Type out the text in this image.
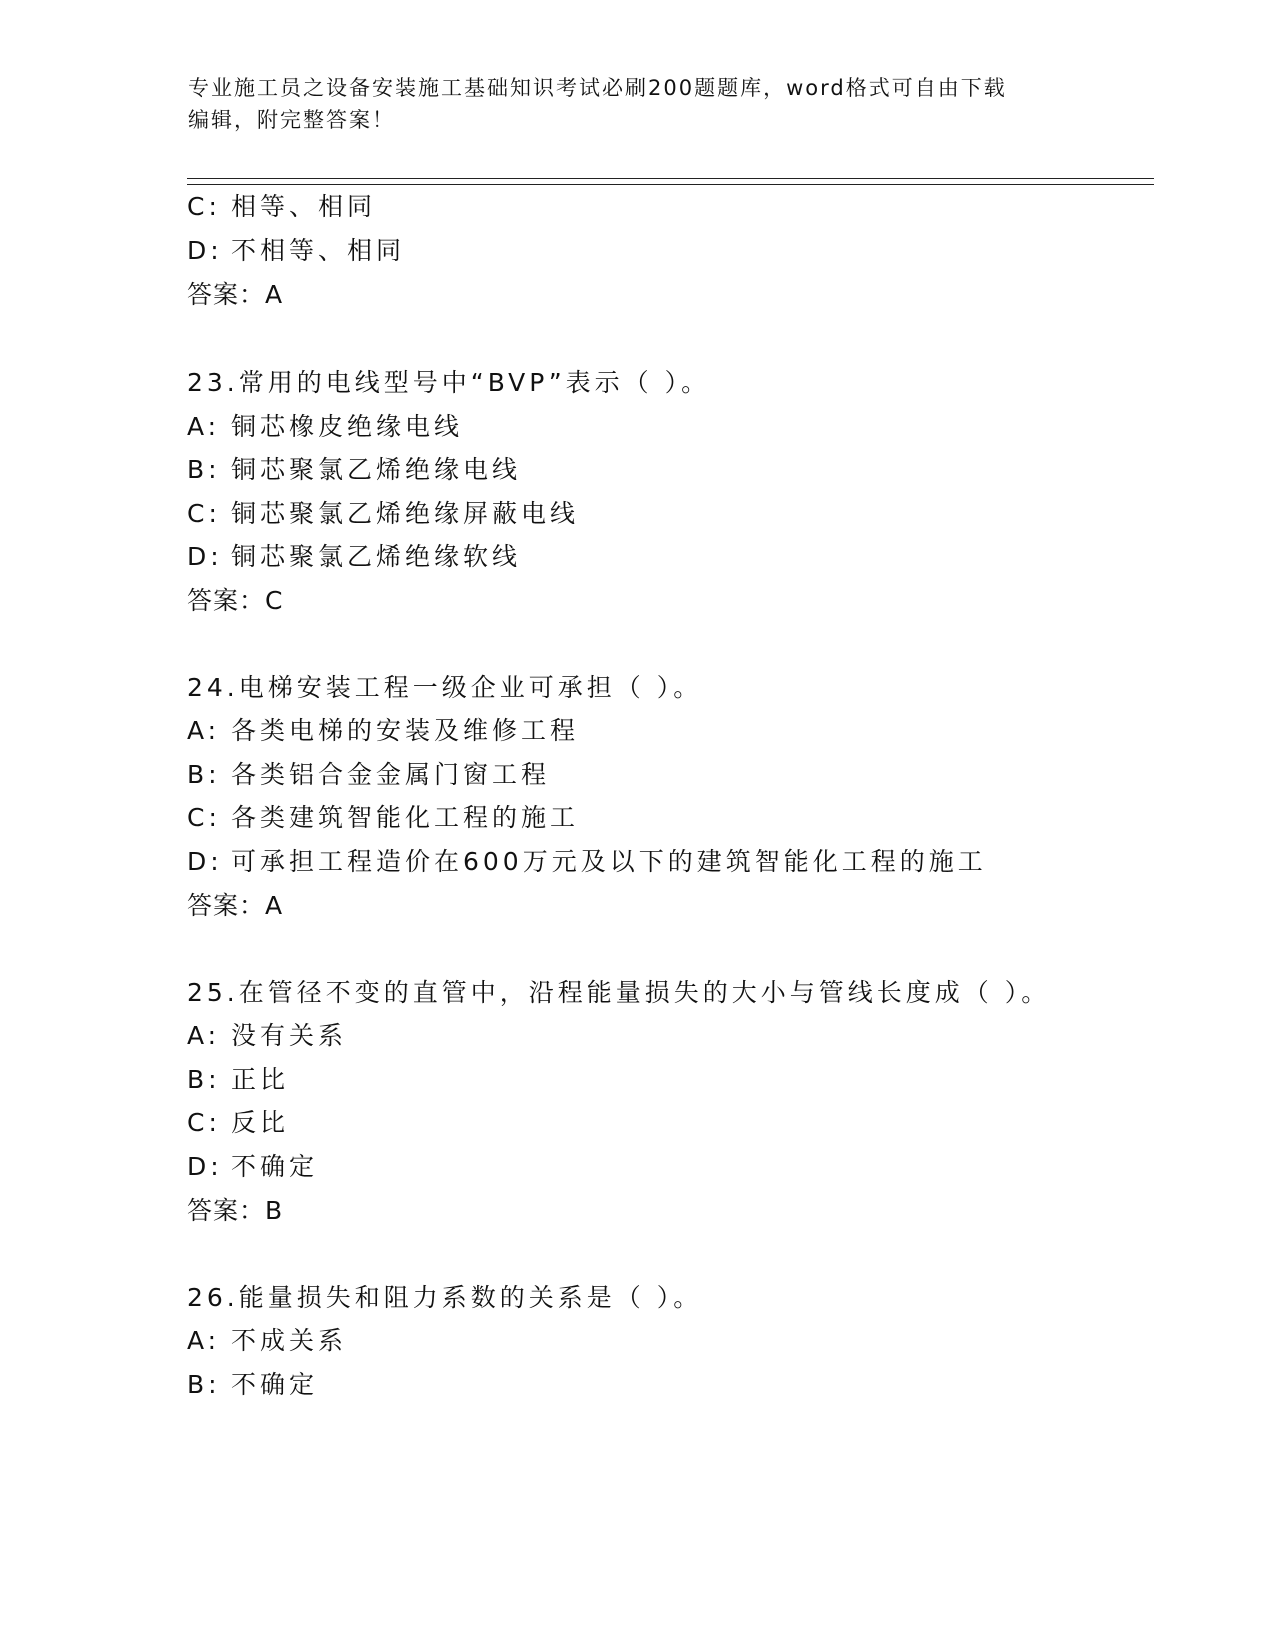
专业施工员之设备安装施工基础知识考试必刷200题题库，word格式可自由下载
编辑，附完整答案！
C: 相等、相同
D: 不相等、相同
答案：A
23.常用的电线型号中“BVP”表示（ ）。
A: 铜芯橡皮绝缘电线
B: 铜芯聚氯乙烯绝缘电线
C: 铜芯聚氯乙烯绝缘屏蔽电线
D: 铜芯聚氯乙烯绝缘软线
答案：C
24.电梯安装工程一级企业可承担（ ）。
A: 各类电梯的安装及维修工程
B: 各类铝合金金属门窗工程
C: 各类建筑智能化工程的施工
D: 可承担工程造价在600万元及以下的建筑智能化工程的施工
答案：A
25.在管径不变的直管中，沿程能量损失的大小与管线长度成（ ）。
A: 没有关系
B: 正比
C: 反比
D: 不确定
答案：B
26.能量损失和阻力系数的关系是（ ）。
A: 不成关系
B: 不确定
